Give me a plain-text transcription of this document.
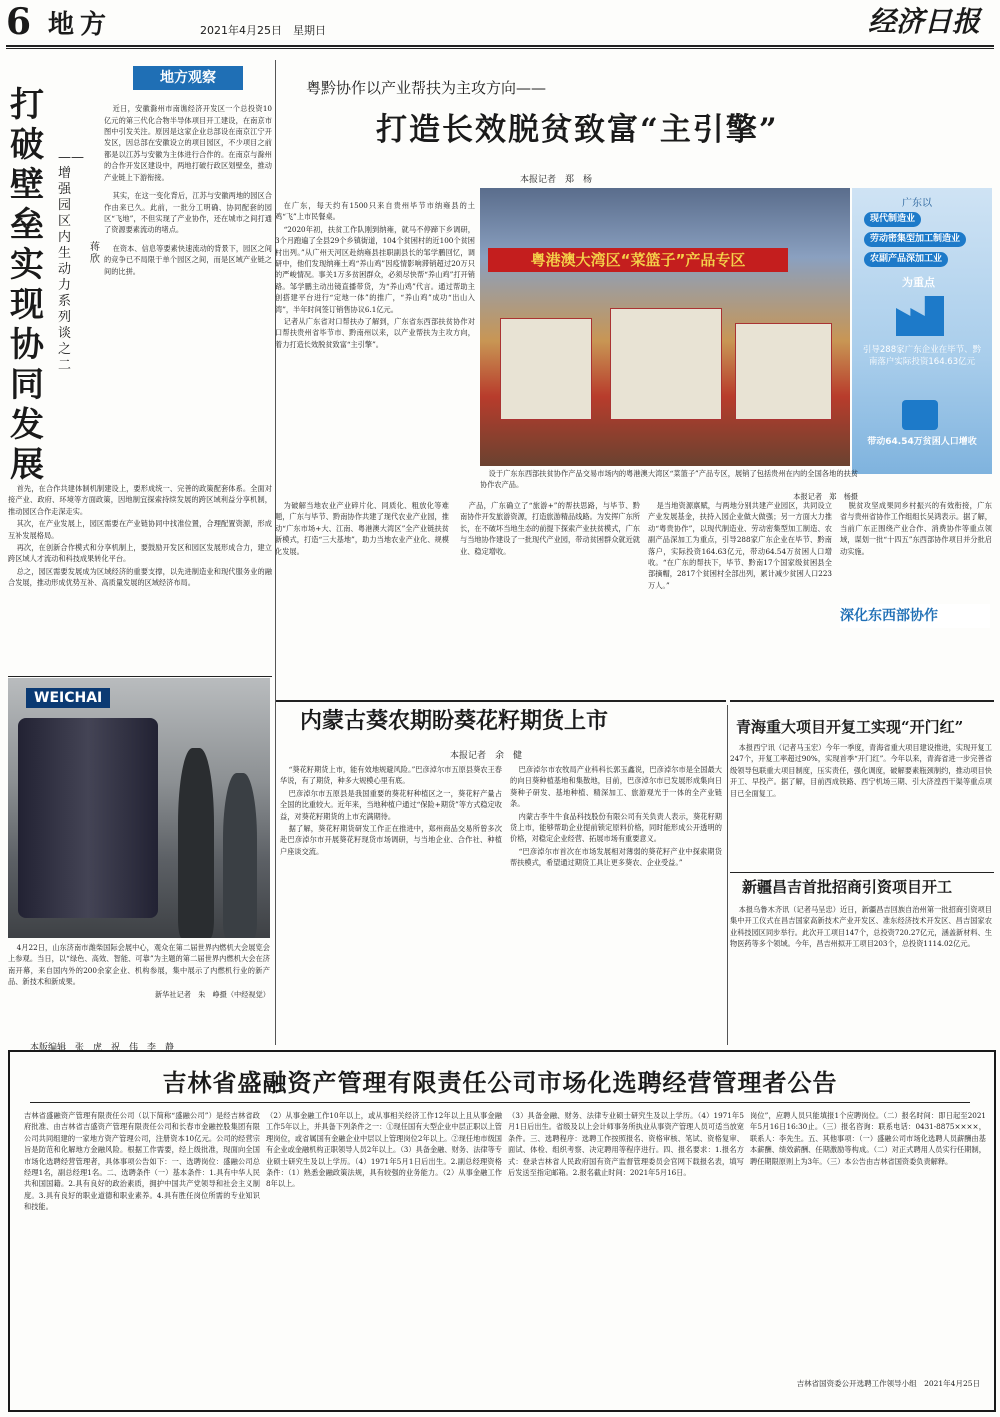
6 地方	2021年4月25日　星期日	经济日报
地方观察
打破壁垒实现协同发展
——增强园区内生动力系列谈之二
蒋　欣

近日，安徽滁州市南谯经济开发区一个总投资10亿元的第三代化合物半导体项目开工建设，在南京市图中引发关注。原因是这家企业总部设在南京江宁开发区，因总部在安徽设立的项目园区，不少项目之前都是以江苏与安徽为主体进行合作的。在南京与滁州的合作开发区建设中，两地打破行政区划壁垒，推动产业链上下游衔接。

其实，在这一变化背后，江苏与安徽两地的园区合作由来已久。此前，一批分工明确、协同配套的园区“飞地”，不但实现了产业协作，还在城市之间打通了资源要素流动的堵点。

在资本、信息等要素快速流动的背景下，园区之间的竞争已不局限于单个园区之间，而是区域产业链之间的比拼。

首先，在合作共建体制机制建设上，要形成统一、完善的政策配套体系。全面对接产业、政府、环境等方面政策，因地制宜探索持续发展的跨区域利益分享机制，推动园区合作走深走实。

其次，在产业发展上，园区需要在产业链协同中找准位置，合理配置资源，形成互补发展格局。

再次，在创新合作模式和分享机制上，要鼓励开发区和园区发展形成合力，建立跨区域人才流动和科技成果转化平台。

总之，园区需要发展成为区域经济的重要支撑，以先进制造业和现代服务业的融合发展，推动形成优势互补、高质量发展的区域经济布局。

WEICHAI

4月22日，山东济南市潍柴国际会展中心，观众在第二届世界内燃机大会展览会上参观。当日，以“绿色、高效、智能、可靠”为主题的第二届世界内燃机大会在济南开幕，来自国内外的200余家企业、机构参展，集中展示了内燃机行业的新产品、新技术和新成果。

新华社记者　朱　峥摄（中经视觉）

本版编辑　张　虎　祝　伟　李　静
粤黔协作以产业帮扶为主攻方向——
打造长效脱贫致富“主引擎”
本报记者　郑　杨

在广东，每天约有1500只来自贵州毕节市纳雍县的土鸡“飞”上市民餐桌。

“2020年初，扶贫工作队刚到纳雍，就马不停蹄下乡调研，3个月跑遍了全县29个乡镇街道，104个贫困村的近100个贫困村出列。”从广州天河区赴纳雍县挂职副县长的邹学鹏回忆，调研中，他们发现纳雍土鸡“养山鸡”因疫情影响滞销超过20万只的严峻情况。事关1万多贫困群众，必须尽快帮“养山鸡”打开销路。邹学鹏主动出镜直播带货，为“养山鸡”代言。通过帮助主创搭建平台进行“定地一体”的推广，“养山鸡”成功“出山入湾”，半年时间签订销售协议6.1亿元。

记者从广东省对口帮扶办了解到，广东省东西部扶贫协作对口帮扶贵州省毕节市、黔南州以来，以产业帮扶为主攻方向，着力打造长效脱贫致富“主引擎”。

粤港澳大湾区“菜篮子”产品专区
广东以
现代制造业
劳动密集型加工制造业
农副产品深加工业
为重点
引导288家广东企业在毕节、黔南落户实际投资164.63亿元
带动64.54万贫困人口增收

设于广东东西部扶贫协作产品交易市场内的粤港澳大湾区“菜篮子”产品专区，展销了包括贵州在内的全国各地的扶贫协作农产品。

本报记者　郑　杨摄

为破解当地农业产业碎片化、同质化、粗放化等难题，广东与毕节、黔南协作共建了现代农业产业园，推动“广东市场+大、江南、粤港澳大湾区”全产业链扶贫新模式，打造“三大基地”，助力当地农业产业化、规模化发展。

产品，广东确立了“旅游+”的帮扶思路，与毕节、黔南协作开发旅游资源，打造旅游精品线路。为发挥广东所长，在不破坏当地生态的前提下探索产业扶贫模式，广东与当地协作建设了一批现代产业园，带动贫困群众就近就业、稳定增收。

是当地资源禀赋，与两地分别共建产业园区，共同设立产业发展基金，扶持入园企业做大做强；另一方面大力推动“粤贵协作”，以现代制造业、劳动密集型加工制造、农副产品深加工为重点，引导288家广东企业在毕节、黔南落户，实际投资164.63亿元，带动64.54万贫困人口增收。“在广东的帮扶下，毕节、黔南17个国家级贫困县全部摘帽，2817个贫困村全部出列，累计减少贫困人口223万人。”

脱贫攻坚成果同乡村振兴的有效衔接，广东省与贵州省协作工作组组长吴鸿表示。据了解，当前广东正围绕产业合作、消费协作等重点领域，谋划一批“十四五”东西部协作项目并分批启动实施。

深化东西部协作
内蒙古葵农期盼葵花籽期货上市
本报记者　余　健

“葵花籽期货上市，能有效地规避风险。”巴彦淖尔市五原县葵农王春华说，有了期货，种多大规模心里有底。

巴彦淖尔市五原县是我国重要的葵花籽种植区之一，葵花籽产量占全国的比重较大。近年来，当地种植户通过“保险+期货”等方式稳定收益，对葵花籽期货的上市充满期待。

据了解，葵花籽期货研发工作正在推进中，郑州商品交易所曾多次赴巴彦淖尔市开展葵花籽现货市场调研，与当地企业、合作社、种植户座谈交流。

巴彦淖尔市农牧局产业科科长郭玉鑫说，巴彦淖尔市是全国最大的向日葵种植基地和集散地，目前，巴彦淖尔市已发展形成集向日葵种子研发、基地种植、精深加工、旅游观光于一体的全产业链条。

内蒙古李牛牛食品科技股份有限公司有关负责人表示，葵花籽期货上市，能够帮助企业提前锁定原料价格，同时能形成公开透明的价格，对稳定企业经营、拓展市场有重要意义。

“巴彦淖尔市首次在市场发展相对薄弱的葵花籽产业中探索期货帮扶模式，希望通过期货工具让更多葵农、企业受益。”

青海重大项目开复工实现“开门红”

本报西宁讯（记者马玉宏）今年一季度，青海省重大项目建设推进，实现开复工247个，开复工率超过90%，实现首季“开门红”。今年以来，青海省进一步完善省级领导包联重大项目制度，压实责任，强化调度，破解要素瓶颈制约，推动项目快开工、早投产。据了解，目前西成铁路、西宁机场三期、引大济湟西干渠等重点项目已全面复工。

新疆昌吉首批招商引资项目开工

本报乌鲁木齐讯（记者马呈忠）近日，新疆昌吉回族自治州第一批招商引资项目集中开工仪式在昌吉国家高新技术产业开发区、准东经济技术开发区、昌吉国家农业科技园区同步举行。此次开工项目147个，总投资720.27亿元，涵盖新材料、生物医药等多个领域。今年，昌吉州拟开工项目203个，总投资1114.02亿元。

吉林省盛融资产管理有限责任公司市场化选聘经营管理者公告

吉林省盛融资产管理有限责任公司（以下简称“盛融公司”）是经吉林省政府批准、由吉林省吉盛资产管理有限责任公司和长春市金融控股集团有限公司共同组建的一家地方资产管理公司，注册资本10亿元。公司的经营宗旨是防范和化解地方金融风险。根据工作需要，经上级批准，现面向全国市场化选聘经营管理者，具体事项公告如下：一、选聘岗位：盛融公司总经理1名，副总经理1名。二、选聘条件（一）基本条件：1.具有中华人民共和国国籍。2.具有良好的政治素质，拥护中国共产党领导和社会主义制度。3.具有良好的职业道德和职业素养。4.具有胜任岗位所需的专业知识和技能。

（2）从事金融工作10年以上，或从事相关经济工作12年以上且从事金融工作5年以上，并具备下列条件之一：①现任国有大型企业中层正职以上管理岗位，或省属国有金融企业中层以上管理岗位2年以上。②现任地市级国有企业或金融机构正职领导人员2年以上。（3）具备金融、财务、法律等专业硕士研究生及以上学历。（4）1971年5月1日后出生。2.副总经理资格条件：（1）熟悉金融政策法规，具有较强的业务能力。（2）从事金融工作8年以上。

（3）具备金融、财务、法律专业硕士研究生及以上学历。（4）1971年5月1日后出生。省级及以上会计师事务所执业从事资产管理人员可适当放宽条件。三、选聘程序：选聘工作按照报名、资格审核、笔试、资格复审、面试、体检、组织考察、决定聘用等程序进行。四、报名要求：1.报名方式：登录吉林省人民政府国有资产监督管理委员会官网下载报名表，填写后发送至指定邮箱。2.报名截止时间：2021年5月16日。

岗位”，应聘人员只能填报1个应聘岗位。（二）报名时间：即日起至2021年5月16日16:30止。（三）报名咨询：联系电话：0431-8875××××，联系人：李先生。五、其他事项：（一）盛融公司市场化选聘人员薪酬由基本薪酬、绩效薪酬、任期激励等构成。（二）对正式聘用人员实行任期制，聘任期限原则上为3年。（三）本公告由吉林省国资委负责解释。

吉林省国资委公开选聘工作领导小组　2021年4月25日
